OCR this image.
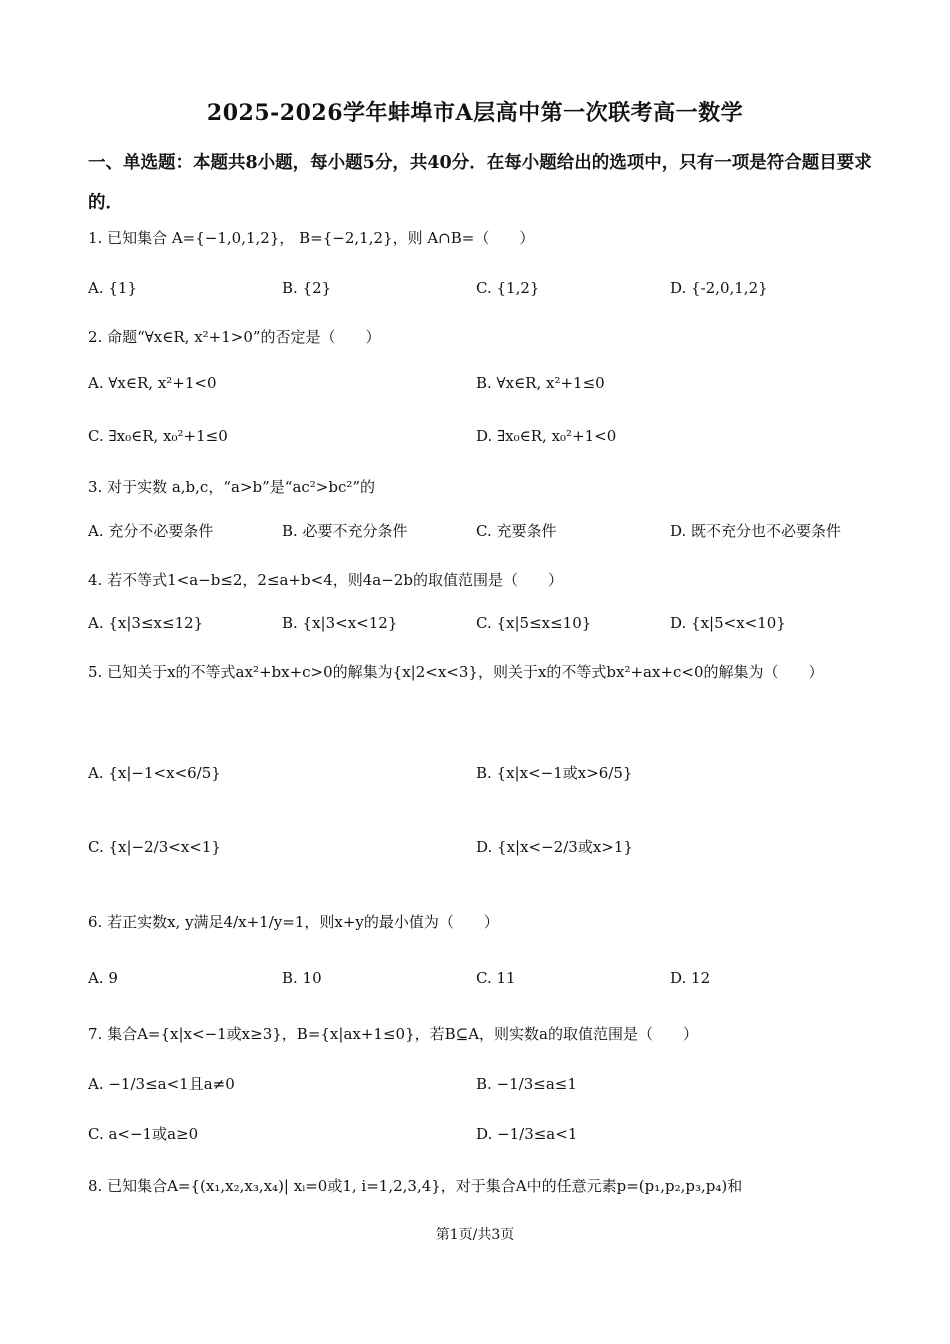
2025-2026学年蚌埠市A层高中第一次联考高一数学
一、单选题：本题共8小题，每小题5分，共40分．在每小题给出的选项中，只有一项是符合题目要求的．
1. 已知集合 A={−1,0,1,2}， B={−2,1,2}，则 A∩B=（　　）
A. {1}	B. {2}	C. {1,2}	D. {-2,0,1,2}
2. 命题“∀x∈R, x²+1>0”的否定是（　　）
A. ∀x∈R, x²+1<0	B. ∀x∈R, x²+1≤0
C. ∃x₀∈R, x₀²+1≤0	D. ∃x₀∈R, x₀²+1<0
3. 对于实数 a,b,c，“a>b”是“ac²>bc²”的
A. 充分不必要条件	B. 必要不充分条件	C. 充要条件	D. 既不充分也不必要条件
4. 若不等式1<a−b≤2，2≤a+b<4，则4a−2b的取值范围是（　　）
A. {x|3≤x≤12}	B. {x|3<x<12}	C. {x|5≤x≤10}	D. {x|5<x<10}
5. 已知关于x的不等式ax²+bx+c>0的解集为{x|2<x<3}，则关于x的不等式bx²+ax+c<0的解集为（　　）
A. {x|−1<x<6/5}	B. {x|x<−1或x>6/5}
C. {x|−2/3<x<1}	D. {x|x<−2/3或x>1}
6. 若正实数x, y满足4/x+1/y=1，则x+y的最小值为（　　）
A. 9	B. 10	C. 11	D. 12
7. 集合A={x|x<−1或x≥3}，B={x|ax+1≤0}，若B⊆A，则实数a的取值范围是（　　）
A. −1/3≤a<1且a≠0	B. −1/3≤a≤1
C. a<−1或a≥0	D. −1/3≤a<1
8. 已知集合A={(x₁,x₂,x₃,x₄)| xᵢ=0或1, i=1,2,3,4}，对于集合A中的任意元素p=(p₁,p₂,p₃,p₄)和
第1页/共3页
